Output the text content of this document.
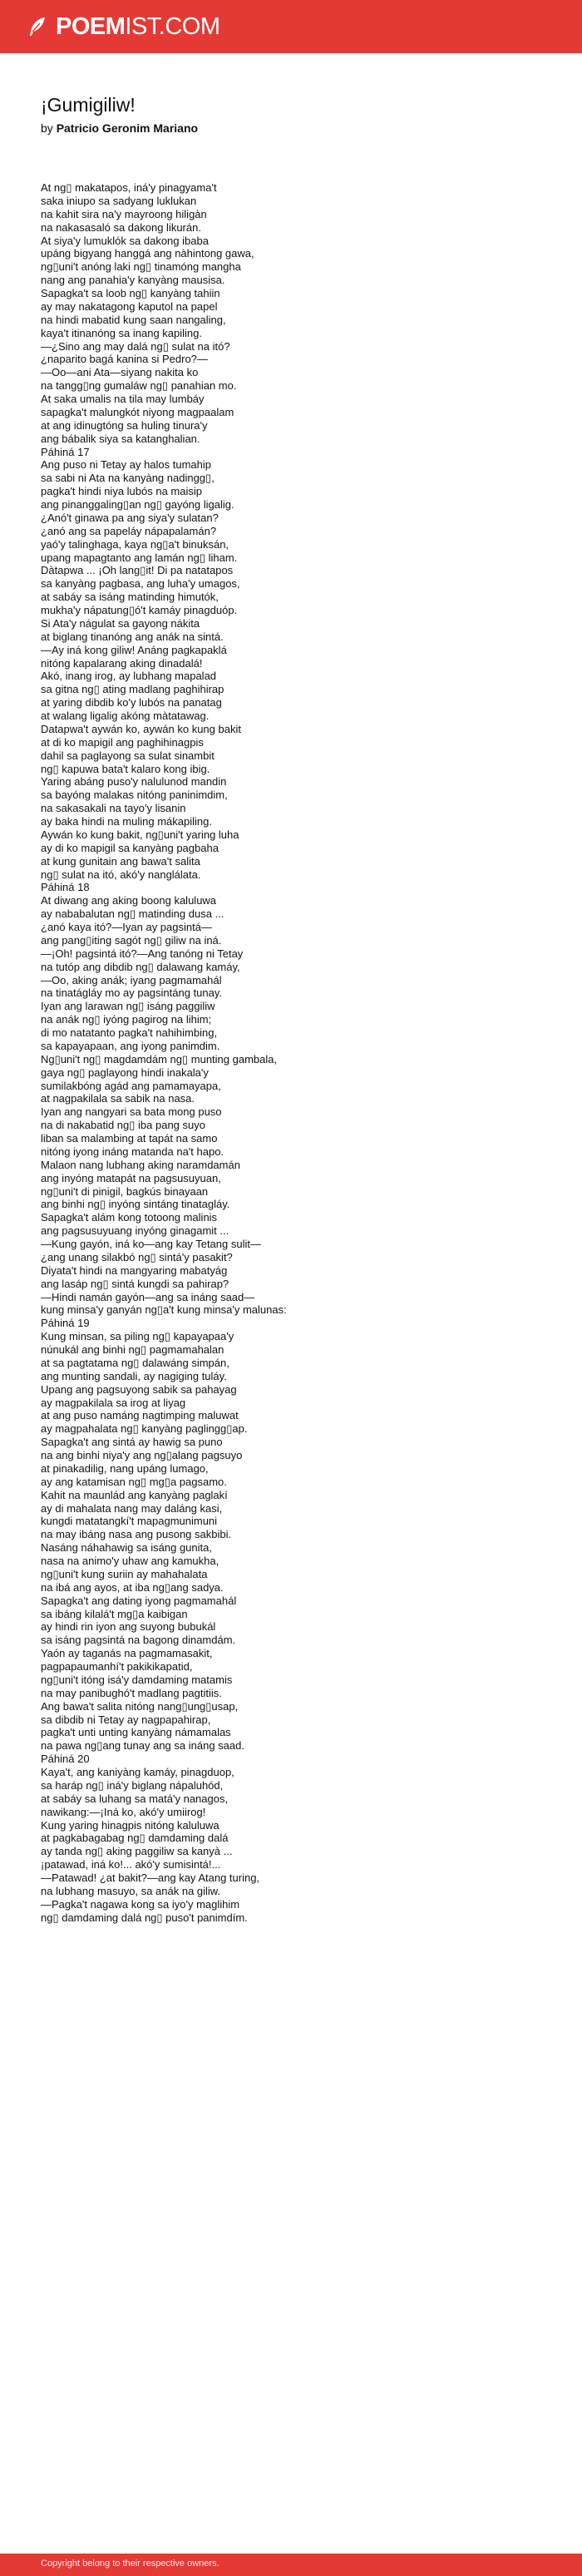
POEM IST.COM
¡Gumigiliw!

by Patricio Geronim Mariano

At ng▯ makatapos, iná'y pinagyama't
saka iniupo sa sadyang luklukan
na kahit sira na'y mayroong hiligàn
na nakasasaló sa dakong likurán.
At siya'y lumuklók sa dakong ibaba
upáng bigyang hanggá ang nàhintong gawa,
ng▯uni't anóng laki ng▯ tinamóng mangha
nang ang panahia'y kanyàng mausisa.
Sapagka't sa loob ng▯ kanyàng tahiin
ay may nakatagong kaputol na papel
na hindi mabatid kung saan nangaling,
kaya't itinanóng sa inang kapiling.
—¿Sino ang may dalá ng▯ sulat na itó?
¿naparito bagá kanina si Pedro?—
—Oo—ani Ata—siyang nakita ko
na tangg▯ng gumaláw ng▯ panahian mo.
At saka umalis na tila may lumbáy
sapagka't malungkót niyong magpaalam
at ang idinugtóng sa huling tinura'y
ang bábalik siya sa katanghalian.
Páhiná 17
Ang puso ni Tetay ay halos tumahip
sa sabi ni Ata na kanyàng nadingg▯,
pagka't hindi niya lubós na maisip
ang pinanggaling▯an ng▯ gayóng ligalig.
¿Anó't ginawa pa ang siya'y sulatan?
¿anó ang sa papeláy nápapalamán?
yaó'y talinghaga, kaya ng▯a't binuksán,
upang mapagtanto ang lamán ng▯ liham.
Dàtapwa ... ¡Oh lang▯it! Di pa natatapos
sa kanyàng pagbasa, ang luha'y umagos,
at sabáy sa isáng matinding himutók,
mukha'y nápatung▯ó't kamáy pinagduóp.
Si Ata'y nágulat sa gayong nákita
at biglang tinanóng ang anák na sintá.
—Ay iná kong giliw! Anáng pagkapaklá
nitóng kapalarang aking dinadalá!
Akó, inang irog, ay lubhang mapalad
sa gitna ng▯ ating madlang paghihirap
at yaring dibdib ko'y lubós na panatag
at walang ligalig akóng màtatawag.
Datapwa't aywán ko, aywán ko kung bakit
at di ko mapigil ang paghihinagpis
dahil sa paglayong sa sulat sinambit
ng▯ kapuwa bata't kalaro kong ibig.
Yaring abáng puso'y nalulunod mandin
sa bayóng malakas nitóng paninimdim,
na sakasakali na tayo'y lisanin
ay baka hindi na muling mákapiling.
Aywán ko kung bakit, ng▯uni't yaring luha
ay di ko mapigil sa kanyàng pagbaha
at kung gunitain ang bawa't salita
ng▯ sulat na itó, akó'y nanglálata.
Páhiná 18
At diwang ang aking boong kaluluwa
ay nababalutan ng▯ matinding dusa ...
¿anó kaya itó?—Iyan ay pagsintá—
ang pang▯iting sagót ng▯ giliw na iná.
—¡Oh! pagsintá itó?—Ang tanóng ni Tetay
na tutóp ang dibdib ng▯ dalawang kamáy,
—Oo, aking anák; iyang pagmamahál
na tinatágláy mo ay pagsintáng tunay.
Iyan ang larawan ng▯ isáng paggiliw
na anák ng▯ iyóng pagirog na lihim;
di mo natatanto pagka't nahihimbing,
sa kapayapaan, ang iyong panimdim.
Ng▯uni't ng▯ magdamdám ng▯ munting gambala,
gaya ng▯ paglayong hindi inakala'y
sumilakbóng agád ang pamamayapa,
at nagpakilala sa sabik na nasa.
Iyan ang nangyari sa bata mong puso
na di nakabatid ng▯ iba pang suyo
liban sa malambing at tapát na samo
nitóng iyong ináng matanda na't hapo.
Malaon nang lubhang aking naramdamán
ang inyóng matapát na pagsusuyuan,
ng▯uni't di pinigil, bagkús binayaan
ang binhi ng▯ inyóng sintáng tinatagláy.
Sapagka't alám kong totoong malinis
ang pagsusuyuang inyóng ginagamit ...
—Kung gayón, iná ko—ang kay Tetang sulit—
¿ang unang silakbó ng▯ sintá'y pasakit?
Diyata't hindi na mangyaring mabatyág
ang lasáp ng▯ sintá kungdi sa pahirap?
—Hindi namán gayón—ang sa ináng saad—
kung minsa'y ganyán ng▯a't kung minsa'y malunas:
Páhiná 19
Kung minsan, sa piling ng▯ kapayapaa'y
núnukál ang binhi ng▯ pagmamahalan
at sa pagtatama ng▯ dalawáng simpán,
ang munting sandali, ay nagiging tuláy.
Upang ang pagsuyong sabik sa pahayag
ay magpakilala sa irog at liyag
at ang puso namáng nagtimping maluwat
ay magpahalata ng▯ kanyàng paglingg▯ap.
Sapagka't ang sintá ay hawig sa puno
na ang binhi niya'y ang ng▯alang pagsuyo
at pinakadilig, nang upáng lumago,
ay ang katamisan ng▯ mg▯a pagsamo.
Kahit na maunlád ang kanyàng paglakí
ay di mahalata nang may daláng kasi,
kungdi matatangkí't mapagmunimuni
na may ibáng nasa ang pusong sakbibi.
Nasáng náhahawig sa isáng gunita,
nasa na animo'y uhaw ang kamukha,
ng▯uni't kung suriin ay mahahalata
na ibá ang ayos, at iba ng▯ang sadya.
Sapagka't ang dating iyong pagmamahál
sa ibáng kilalá't mg▯a kaibigan
ay hindi rin iyon ang suyong bubukál
sa isáng pagsintá na bagong dinamdám.
Yaón ay taganás na pagmamasakit,
pagpapaumanhí't pakikikapatid,
ng▯uni't itóng isá'y damdaming matamis
na may panibughó't madlang pagtitiis.
Ang bawa't salita nitóng nang▯ung▯usap,
sa dibdib ni Tetay ay nagpapahirap,
pagka't unti unting kanyàng námamalas
na pawa ng▯ang tunay ang sa ináng saad.
Páhiná 20
Kaya't, ang kaniyàng kamáy, pinagduop,
sa haráp ng▯ iná'y biglang nápaluhód,
at sabáy sa luhang sa matá'y nanagos,
nawikang:—¡Iná ko, akó'y umiirog!
Kung yaring hinagpis nitóng kaluluwa
at pagkabagabag ng▯ damdaming dalá
ay tanda ng▯ aking paggiliw sa kanyà ...
¡patawad, iná ko!... akó'y sumisintá!...
—Patawad! ¿at bakit?—ang kay Atang turing,
na lubhang masuyo, sa anák na giliw.
—Pagka't nagawa kong sa iyo'y maglihim
ng▯ damdaming dalá ng▯ puso't panimdím.
Copyright belong to their respective owners.
